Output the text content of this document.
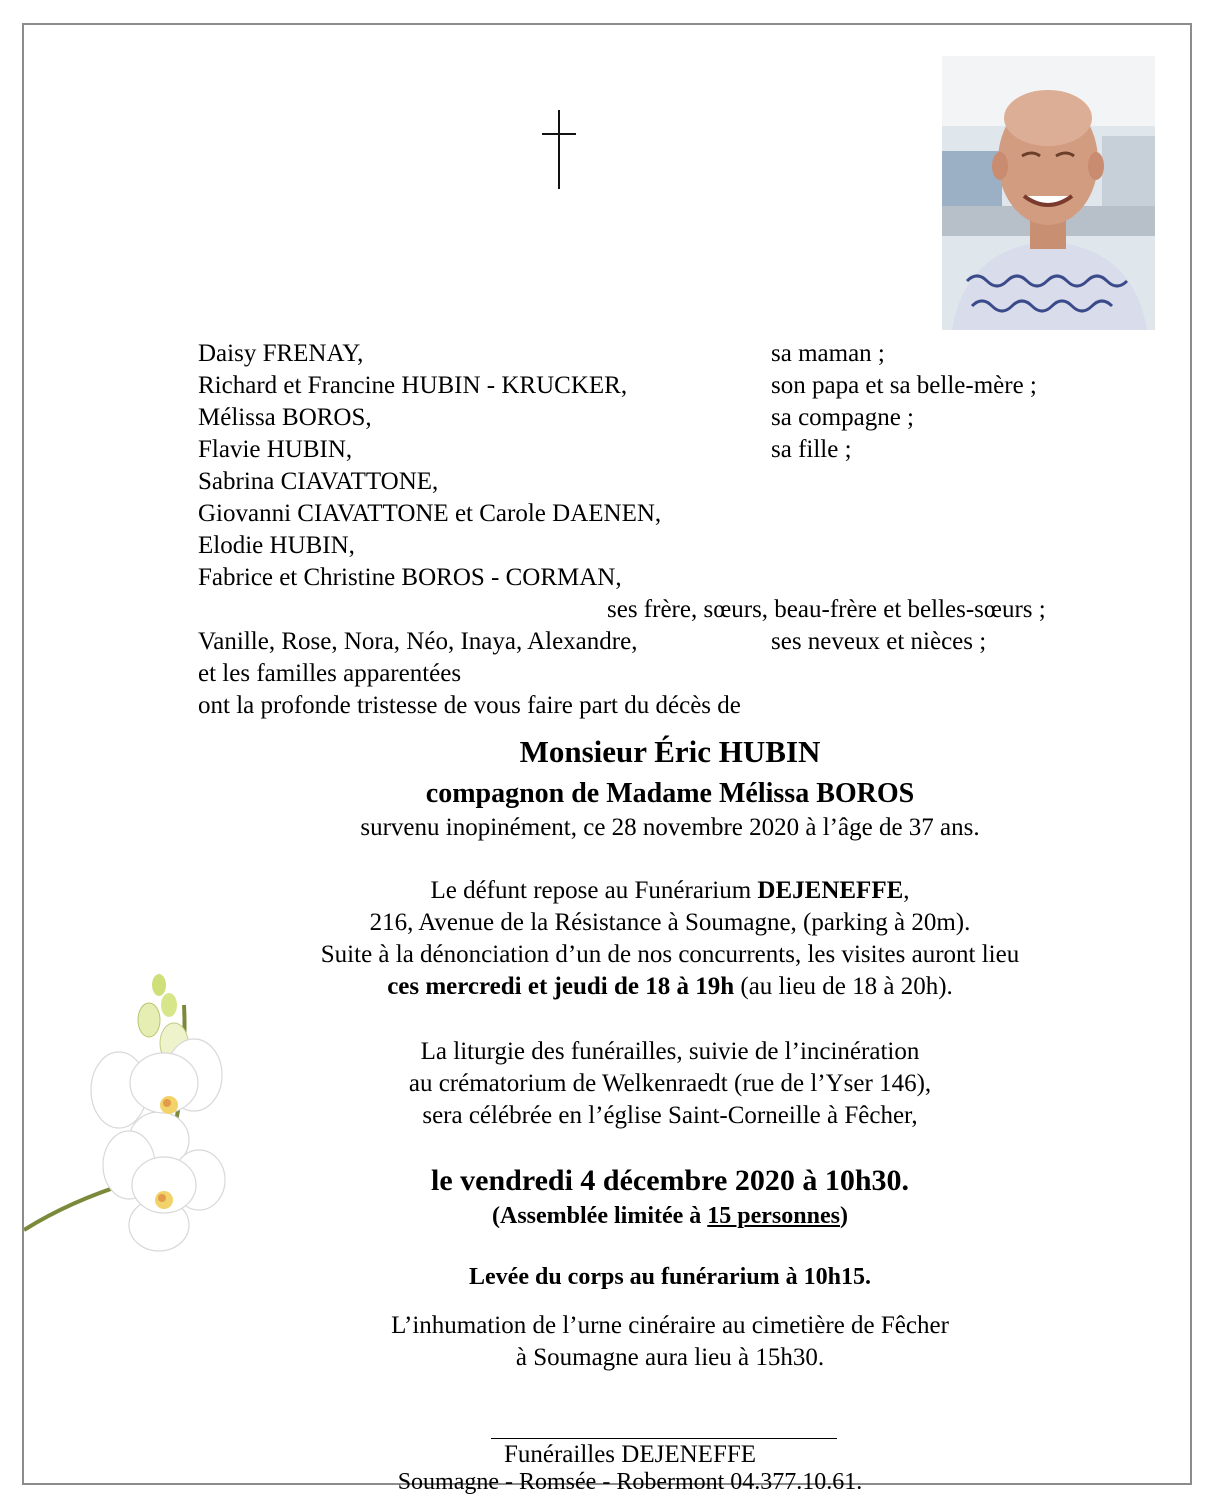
Daisy FRENAY,	sa maman ;
Richard et Francine HUBIN - KRUCKER,	son papa et sa belle-mère ;
Mélissa BOROS,	sa compagne ;
Flavie HUBIN,	sa fille ;
Sabrina CIAVATTONE,
Giovanni CIAVATTONE et Carole DAENEN,
Elodie HUBIN,
Fabrice et Christine BOROS - CORMAN,
ses frère, sœurs, beau-frère et belles-sœurs ;
Vanille, Rose, Nora, Néo, Inaya, Alexandre,	ses neveux et nièces ;
et les familles apparentées
ont la profonde tristesse de vous faire part du décès de
Monsieur Éric HUBIN
compagnon de Madame Mélissa BOROS
survenu inopinément, ce 28 novembre 2020 à l’âge de 37 ans.
Le défunt repose au Funérarium DEJENEFFE,
216, Avenue de la Résistance à Soumagne, (parking à 20m).
Suite à la dénonciation d’un de nos concurrents, les visites auront lieu
ces mercredi et jeudi de 18 à 19h (au lieu de 18 à 20h).
La liturgie des funérailles, suivie de l’incinération
au crématorium de Welkenraedt (rue de l’Yser 146),
sera célébrée en l’église Saint-Corneille à Fêcher,
le vendredi 4 décembre 2020 à 10h30.
(Assemblée limitée à 15 personnes)
Levée du corps au funérarium à 10h15.
L’inhumation de l’urne cinéraire au cimetière de Fêcher
à Soumagne aura lieu à 15h30.
Funérailles DEJENEFFE
Soumagne - Romsée - Robermont 04.377.10.61.
